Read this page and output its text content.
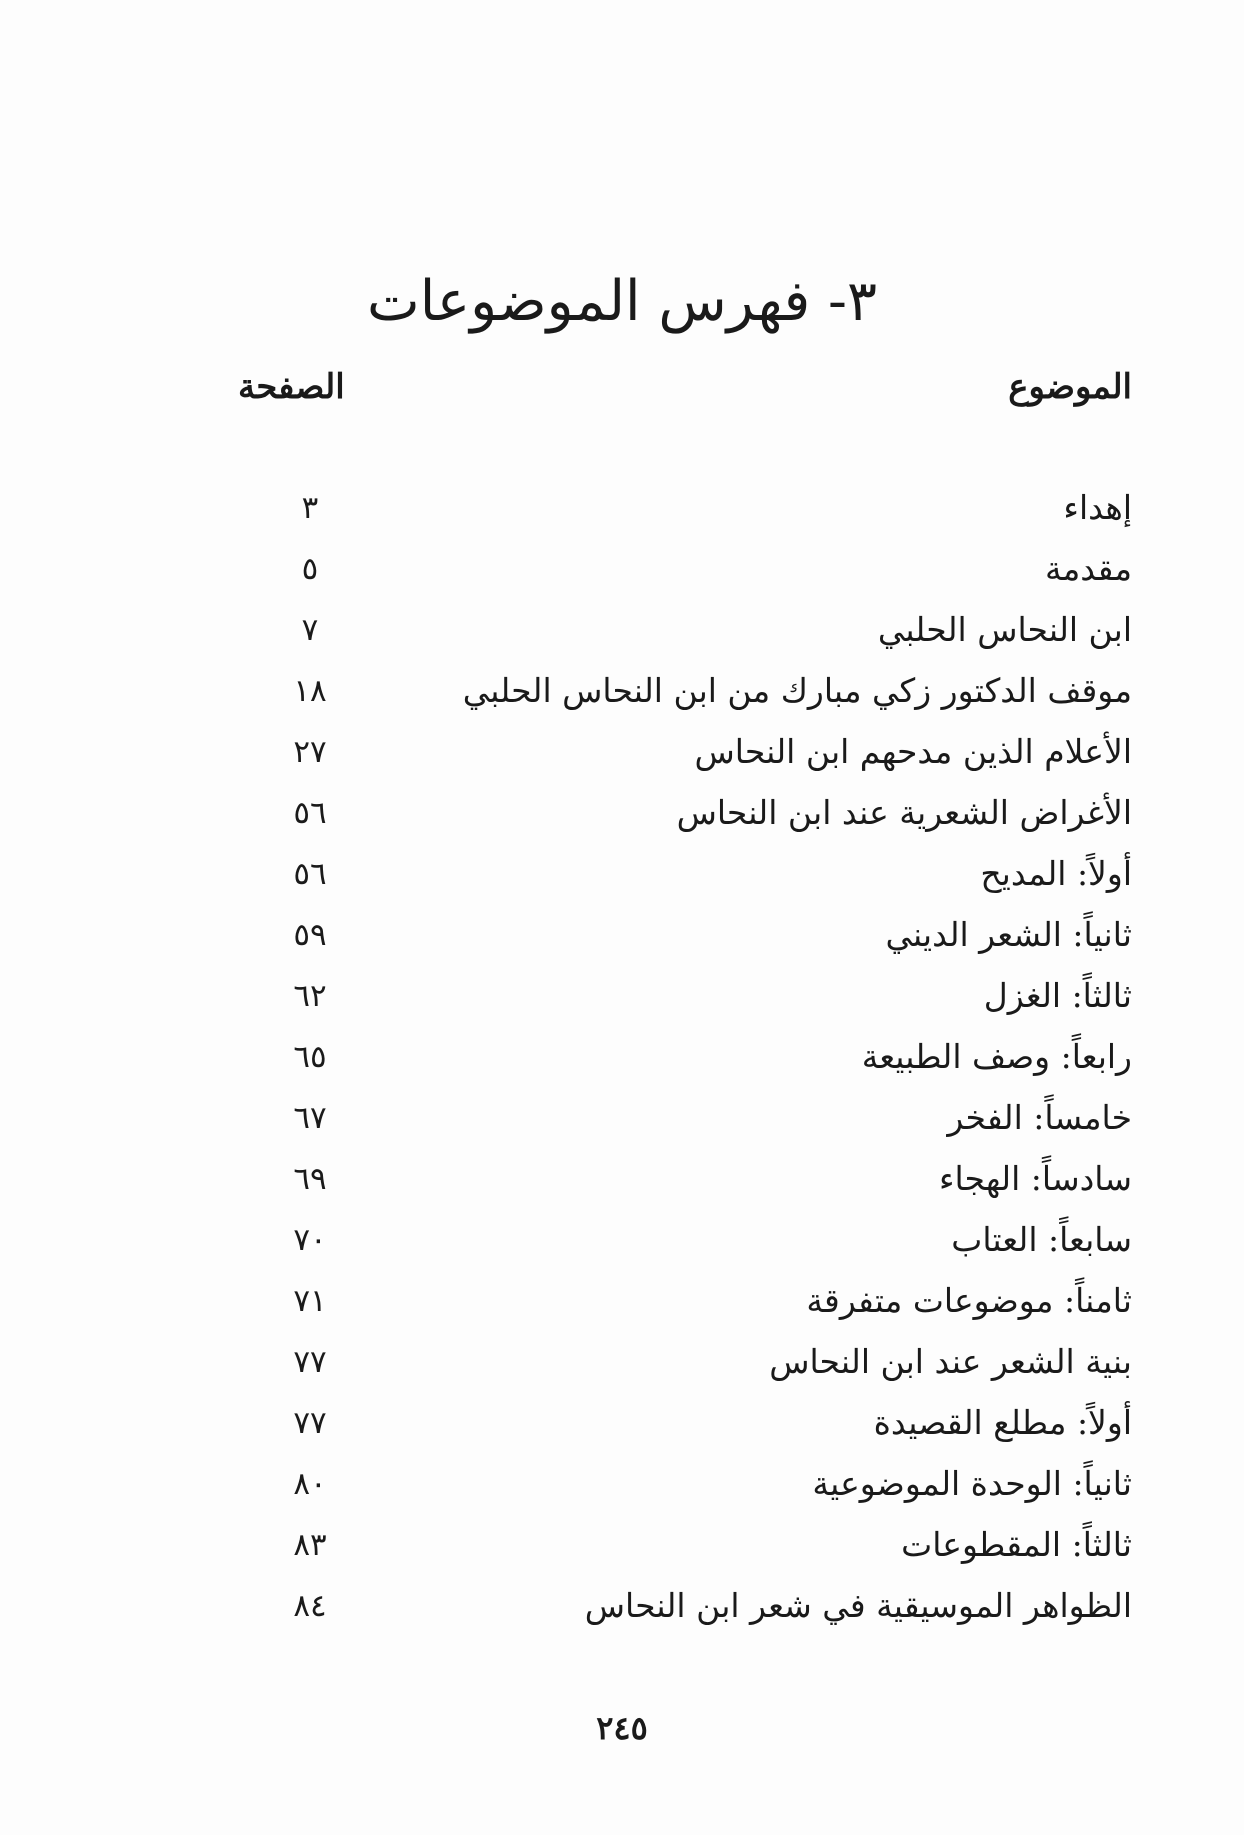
٣- فهرس الموضوعات
الموضوع
الصفحة
إهداء
٣
مقدمة
٥
ابن النحاس الحلبي
٧
موقف الدكتور زكي مبارك من ابن النحاس الحلبي
١٨
الأعلام الذين مدحهم ابن النحاس
٢٧
الأغراض الشعرية عند ابن النحاس
٥٦
أولاً: المديح
٥٦
ثانياً: الشعر الديني
٥٩
ثالثاً: الغزل
٦٢
رابعاً: وصف الطبيعة
٦٥
خامساً: الفخر
٦٧
سادساً: الهجاء
٦٩
سابعاً: العتاب
٧٠
ثامناً: موضوعات متفرقة
٧١
بنية الشعر عند ابن النحاس
٧٧
أولاً: مطلع القصيدة
٧٧
ثانياً: الوحدة الموضوعية
٨٠
ثالثاً: المقطوعات
٨٣
الظواهر الموسيقية في شعر ابن النحاس
٨٤
٢٤٥
